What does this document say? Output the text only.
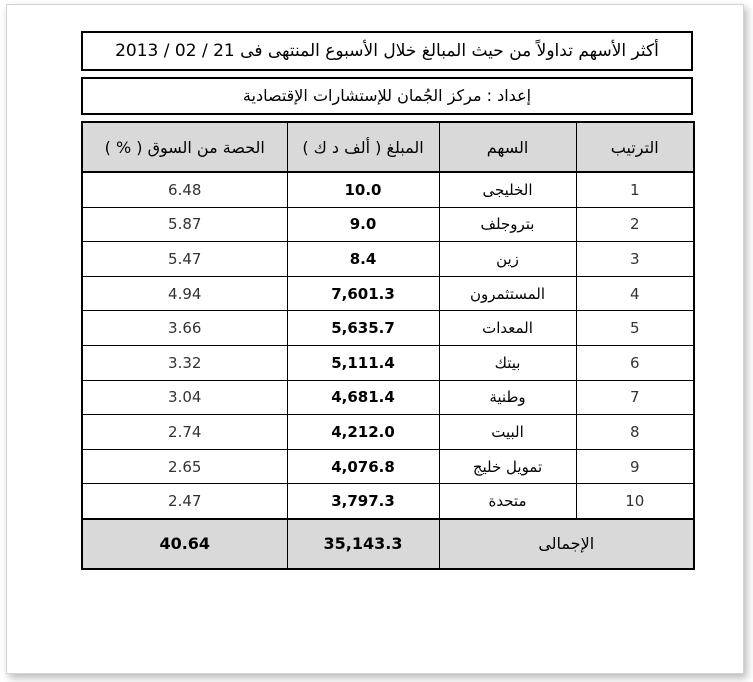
أكثر الأسهم تداولاً من حيث المبالغ خلال الأسبوع المنتهى فى 21 / 02 / 2013
إعداد : مركز الجُمان للإستشارات الإقتصادية
الترتيب	السهم	المبلغ ( ألف د ك )	الحصة من السوق ( % )
1	الخليجى	10.0	6.48
2	بتروجلف	9.0	5.87
3	زين	8.4	5.47
4	المستثمرون	7,601.3	4.94
5	المعدات	5,635.7	3.66
6	بيتك	5,111.4	3.32
7	وطنية	4,681.4	3.04
8	البيت	4,212.0	2.74
9	تمويل خليج	4,076.8	2.65
10	متحدة	3,797.3	2.47
الإجمالى		35,143.3	40.64
